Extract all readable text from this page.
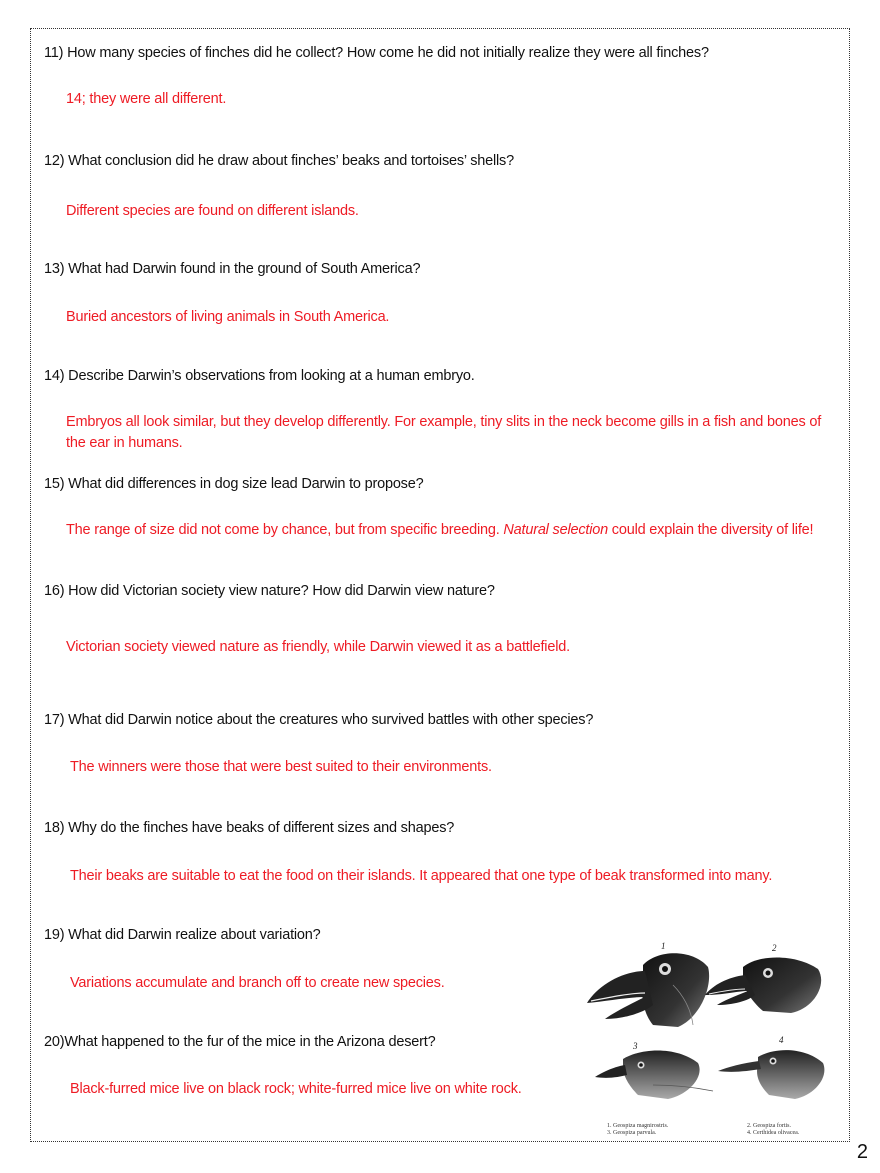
11) How many species of finches did he collect? How come he did not initially realize they were all finches?
14; they were all different.
12) What conclusion did he draw about finches’ beaks and tortoises’ shells?
Different species are found on different islands.
13) What had Darwin found in the ground of South America?
Buried ancestors of living animals in South America.
14) Describe Darwin’s observations from looking at a human embryo.
Embryos all look similar, but they develop differently. For example, tiny slits in the neck become gills in a fish and bones of the ear in humans.
15) What did differences in dog size lead Darwin to propose?
The range of size did not come by chance, but from specific breeding. Natural selection could explain the diversity of life!
16) How did Victorian society view nature? How did Darwin view nature?
Victorian society viewed nature as friendly, while Darwin viewed it as a battlefield.
17) What did Darwin notice about the creatures who survived battles with other species?
The winners were those that were best suited to their environments.
18) Why do the finches have beaks of different sizes and shapes?
Their beaks are suitable to eat the food on their islands. It appeared that one type of beak transformed into many.
19) What did Darwin realize about variation?
Variations accumulate and branch off to create new species.
20)What happened to the fur of the mice in the Arizona desert?
Black-furred mice live on black rock; white-furred mice live on white rock.
1	2
3
4
1. Geospiza magnirostris.
3. Geospiza parvula.
2. Geospiza fortis.
4. Certhidea olivacea.
2
